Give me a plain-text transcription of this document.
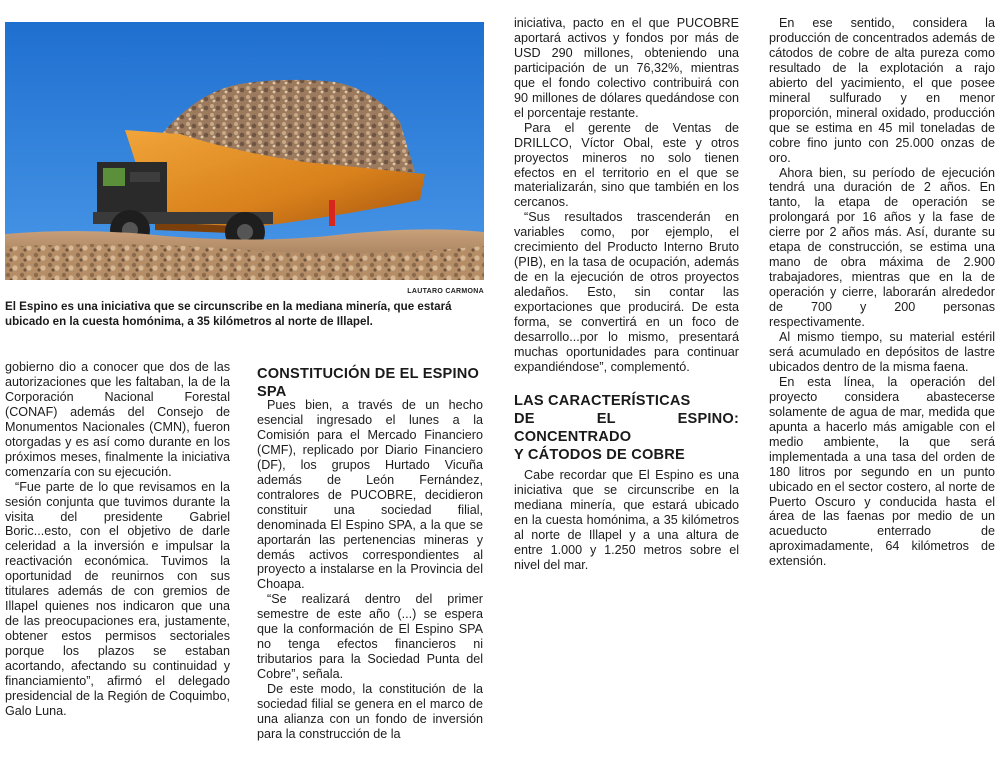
LAUTARO CARMONA
El Espino es una iniciativa que se circunscribe en la mediana minería, que estará ubicado en la cuesta homónima, a 35 kilómetros al norte de Illapel.

gobierno dio a conocer que dos de las autorizaciones que les faltaban, la de la Corporación Nacional Forestal (CONAF) además del Consejo de Monumentos Nacionales (CMN), fueron otorgadas y es así como durante en los próximos meses, finalmente la iniciativa comenzaría con su ejecución.

“Fue parte de lo que revisamos en la sesión conjunta que tuvimos durante la visita del presidente Gabriel Boric...esto, con el objetivo de darle celeridad a la inversión e impulsar la reactivación económica. Tuvimos la oportunidad de reunirnos con sus titulares además de con gremios de Illapel quienes nos indicaron que una de las preocupaciones era, justamente, obtener estos permisos sectoriales porque los plazos se estaban acortando, afectando su continuidad y financiamiento”, afirmó el delegado presidencial de la Región de Coquimbo, Galo Luna.

CONSTITUCIÓN DE EL ESPINO SPA

Pues bien, a través de un hecho esencial ingresado el lunes a la Comisión para el Mercado Financiero (CMF), replicado por Diario Financiero (DF), los grupos Hurtado Vicuña además de León Fernández, contralores de PUCOBRE, decidieron constituir una sociedad filial, denominada El Espino SPA, a la que se aportarán las pertenencias mineras y demás activos correspondientes al proyecto a instalarse en la Provincia del Choapa.

“Se realizará dentro del primer semestre de este año (...) se espera que la conformación de El Espino SPA no tenga efectos financieros ni tributarios para la Sociedad Punta del Cobre”, señala.

De este modo, la constitución de la sociedad filial se genera en el marco de una alianza con un fondo de inversión para la construcción de la

iniciativa, pacto en el que PUCOBRE aportará activos y fondos por más de USD 290 millones, obteniendo una participación de un 76,32%, mientras que el fondo colectivo contribuirá con 90 millones de dólares quedándose con el porcentaje restante.

Para el gerente de Ventas de DRILLCO, Víctor Obal, este y otros proyectos mineros no solo tienen efectos en el territorio en el que se materializarán, sino que también en los cercanos.

“Sus resultados trascenderán en variables como, por ejemplo, el crecimiento del Producto Interno Bruto (PIB), en la tasa de ocupación, además de en la ejecución de otros proyectos aledaños. Esto, sin contar las exportaciones que producirá. De esta forma, se convertirá en un foco de desarrollo...por lo mismo, presentará muchas oportunidades para continuar expandiéndose”, complementó.

LAS CARACTERÍSTICAS
DE EL ESPINO: CONCENTRADO
Y CÁTODOS DE COBRE

Cabe recordar que El Espino es una iniciativa que se circunscribe en la mediana minería, que estará ubicado en la cuesta homónima, a 35 kilómetros al norte de Illapel y a una altura de entre 1.000 y 1.250 metros sobre el nivel del mar.

En ese sentido, considera la producción de concentrados además de cátodos de cobre de alta pureza como resultado de la explotación a rajo abierto del yacimiento, el que posee mineral sulfurado y en menor proporción, mineral oxidado, producción que se estima en 45 mil toneladas de cobre fino junto con 25.000 onzas de oro.

Ahora bien, su período de ejecución tendrá una duración de 2 años. En tanto, la etapa de operación se prolongará por 16 años y la fase de cierre por 2 años más. Así, durante su etapa de construcción, se estima una mano de obra máxima de 2.900 trabajadores, mientras que en la de operación y cierre, laborarán alrededor de 700 y 200 personas respectivamente.

Al mismo tiempo, su material estéril será acumulado en depósitos de lastre ubicados dentro de la misma faena.

En esta línea, la operación del proyecto considera abastecerse solamente de agua de mar, medida que apunta a hacerlo más amigable con el medio ambiente, la que será implementada a una tasa del orden de 180 litros por segundo en un punto ubicado en el sector costero, al norte de Puerto Oscuro y conducida hasta el área de las faenas por medio de un acueducto enterrado de aproximadamente, 64 kilómetros de extensión.
